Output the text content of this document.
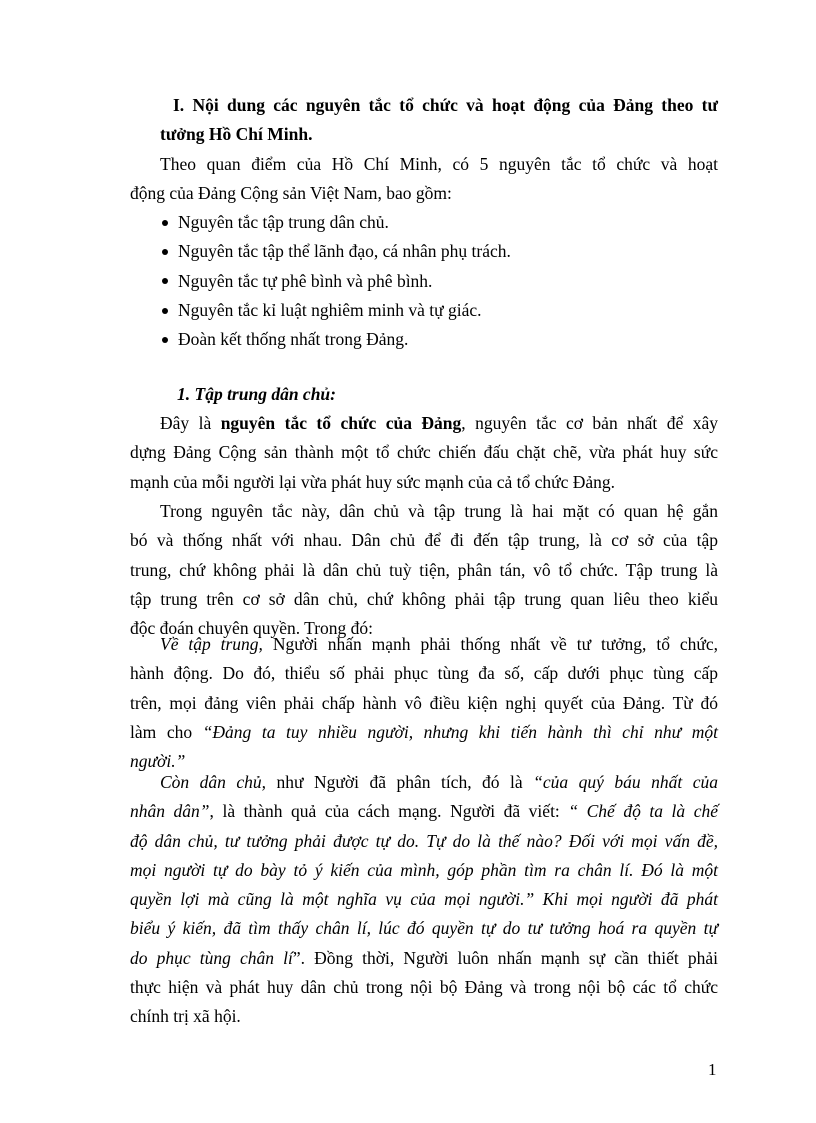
I. Nội dung các nguyên tắc tổ chức và hoạt động của Đảng theo tư
tưởng Hồ Chí Minh.
Theo quan điểm của Hồ Chí Minh, có 5 nguyên tắc tổ chức và hoạt
động của Đảng Cộng sản Việt Nam, bao gồm:
Nguyên tắc tập trung dân chủ.
Nguyên tắc tập thể lãnh đạo, cá nhân phụ trách.
Nguyên tắc tự phê bình và phê bình.
Nguyên tắc kỉ luật nghiêm minh và tự giác.
Đoàn kết thống nhất trong Đảng.
1. Tập trung dân chủ:
Đây là nguyên tắc tổ chức của Đảng, nguyên tắc cơ bản nhất để xây
dựng Đảng Cộng sản thành một tổ chức chiến đấu chặt chẽ, vừa phát huy sức
mạnh của mỗi người lại vừa phát huy sức mạnh của cả tổ chức Đảng.
Trong nguyên tắc này, dân chủ và tập trung là hai mặt có quan hệ gắn
bó và thống nhất với nhau. Dân chủ để đi đến tập trung, là cơ sở của tập
trung, chứ không phải là dân chủ tuỳ tiện, phân tán, vô tổ chức. Tập trung là
tập trung trên cơ sở dân chủ, chứ không phải tập trung quan liêu theo kiểu
độc đoán chuyên quyền. Trong đó:
Về tập trung, Người nhấn mạnh phải thống nhất về tư tưởng, tổ chức,
hành động. Do đó, thiểu số phải phục tùng đa số, cấp dưới phục tùng cấp
trên, mọi đảng viên phải chấp hành vô điều kiện nghị quyết của Đảng. Từ đó
làm cho “Đảng ta tuy nhiều người, nhưng khi tiến hành thì chỉ như một
người.”
Còn dân chủ, như Người đã phân tích, đó là “của quý báu nhất của
nhân dân”, là thành quả của cách mạng. Người đã viết: “ Chế độ ta là chế
độ dân chủ, tư tưởng phải được tự do. Tự do là thế nào? Đối với mọi vấn đề,
mọi người tự do bày tỏ ý kiến của mình, góp phần tìm ra chân lí. Đó là một
quyền lợi mà cũng là một nghĩa vụ của mọi người.” Khi mọi người đã phát
biểu ý kiến, đã tìm thấy chân lí, lúc đó quyền tự do tư tưởng hoá ra quyền tự
do phục tùng chân lí”. Đồng thời, Người luôn nhấn mạnh sự cần thiết phải
thực hiện và phát huy dân chủ trong nội bộ Đảng và trong nội bộ các tổ chức
chính trị xã hội.
1
